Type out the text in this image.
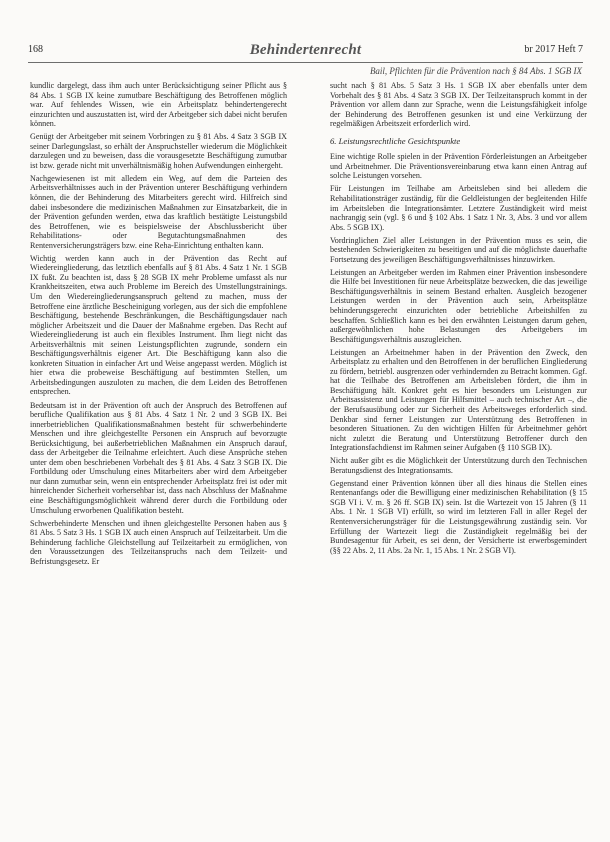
168	Behindertenrecht	br 2017 Heft 7
Bail, Pflichten für die Prävention nach § 84 Abs. 1 SGB IX

kundlic dargelegt, dass ihm auch unter Berücksichtigung seiner Pflicht aus § 84 Abs. 1 SGB IX keine zumutbare Beschäftigung des Betroffenen möglich war. Auf fehlendes Wissen, wie ein Arbeitsplatz behindertengerecht einzurichten und auszustatten ist, wird der Arbeitgeber sich dabei nicht berufen können.

Genügt der Arbeitgeber mit seinem Vorbringen zu § 81 Abs. 4 Satz 3 SGB IX seiner Darlegungslast, so erhält der Anspruchsteller wiederum die Möglichkeit darzulegen und zu beweisen, dass die vorausgesetzte Beschäftigung zumutbar ist bzw. gerade nicht mit unverhältnismäßig hohen Aufwendungen einhergeht.

Nachgewiesenen ist mit alledem ein Weg, auf dem die Parteien des Arbeitsverhältnisses auch in der Prävention unterer Beschäftigung verhindern können, die der Behinderung des Mitarbeiters gerecht wird. Hilfreich sind dabei insbesondere die medizinischen Maßnahmen zur Einsatzbarkeit, die in der Prävention gefunden werden, etwa das kraftlich bestätigte Leistungsbild des Betroffenen, wie es beispielsweise der Abschlussbericht über Rehabilitations- oder Begutachtungsmaßnahmen des Rentenversicherungsträgers bzw. eine Reha-Einrichtung enthalten kann.

Wichtig werden kann auch in der Prävention das Recht auf Wiedereingliederung, das letztlich ebenfalls auf § 81 Abs. 4 Satz 1 Nr. 1 SGB IX fußt. Zu beachten ist, dass § 28 SGB IX mehr Probleme umfasst als nur Krankheitszeiten, etwa auch Probleme im Bereich des Umstellungstrainings. Um den Wiedereingliederungsanspruch geltend zu machen, muss der Betroffene eine ärztliche Bescheinigung vorlegen, aus der sich die empfohlene Beschäftigung, bestehende Beschränkungen, die Beschäftigungsdauer nach möglicher Arbeitszeit und die Dauer der Maßnahme ergeben. Das Recht auf Wiedereingliederung ist auch ein flexibles Instrument. Ihm liegt nicht das Arbeitsverhältnis mit seinen Leistungspflichten zugrunde, sondern ein Beschäftigungsverhältnis eigener Art. Die Beschäftigung kann also die konkreten Situation in einfacher Art und Weise angepasst werden. Möglich ist hier etwa die probeweise Beschäftigung auf bestimmten Stellen, um Arbeitsbedingungen auszuloten zu machen, die dem Leiden des Betroffenen entsprechen.

Bedeutsam ist in der Prävention oft auch der Anspruch des Betroffenen auf berufliche Qualifikation aus § 81 Abs. 4 Satz 1 Nr. 2 und 3 SGB IX. Bei innerbetrieblichen Qualifikationsmaßnahmen besteht für schwerbehinderte Menschen und ihre gleichgestellte Personen ein Anspruch auf bevorzugte Berücksichtigung, bei außerbetrieblichen Maßnahmen ein Anspruch darauf, dass der Arbeitgeber die Teilnahme erleichtert. Auch diese Ansprüche stehen unter dem oben beschriebenen Vorbehalt des § 81 Abs. 4 Satz 3 SGB IX. Die Fortbildung oder Umschulung eines Mitarbeiters aber wird dem Arbeitgeber nur dann zumutbar sein, wenn ein entsprechender Arbeitsplatz frei ist oder mit hinreichender Sicherheit vorhersehbar ist, dass nach Abschluss der Maßnahme eine Beschäftigungsmöglichkeit während derer durch die Fortbildung oder Umschulung erworbenen Qualifikation besteht.

Schwerbehinderte Menschen und ihnen gleichgestellte Personen haben aus § 81 Abs. 5 Satz 3 Hs. 1 SGB IX auch einen Anspruch auf Teilzeitarbeit. Um die Behinderung fachliche Gleichstellung auf Teilzeitarbeit zu ermöglichen, von den Voraussetzungen des Teilzeitanspruchs nach dem Teilzeit- und Befristungsgesetz. Er

sucht nach § 81 Abs. 5 Satz 3 Hs. 1 SGB IX aber ebenfalls unter dem Vorbehalt des § 81 Abs. 4 Satz 3 SGB IX. Der Teilzeitanspruch kommt in der Prävention vor allem dann zur Sprache, wenn die Leistungsfähigkeit infolge der Behinderung des Betroffenen gesunken ist und eine Verkürzung der regelmäßigen Arbeitszeit erforderlich wird.

6. Leistungsrechtliche Gesichtspunkte

Eine wichtige Rolle spielen in der Prävention Förderleistungen an Arbeitgeber und Arbeitnehmer. Die Präventionsvereinbarung etwa kann einen Antrag auf solche Leistungen vorsehen.

Für Leistungen im Teilhabe am Arbeitsleben sind bei alledem die Rehabilitationsträger zuständig, für die Geldleistungen der begleitenden Hilfe im Arbeitsleben die Integrationsämter. Letztere Zuständigkeit wird meist nachrangig sein (vgl. § 6 und § 102 Abs. 1 Satz 1 Nr. 3, Abs. 3 und vor allem Abs. 5 SGB IX).

Vordringlichen Ziel aller Leistungen in der Prävention muss es sein, die bestehenden Schwierigkeiten zu beseitigen und auf die möglichste dauerhafte Fortsetzung des jeweiligen Beschäftigungsverhältnisses hinzuwirken.

Leistungen an Arbeitgeber werden im Rahmen einer Prävention insbesondere die Hilfe bei Investitionen für neue Arbeitsplätze bezwecken, die das jeweilige Beschäftigungsverhältnis in seinem Bestand erhalten. Ausgleich bezogener Leistungen werden in der Prävention auch sein, Arbeitsplätze behinderungsgerecht einzurichten oder betriebliche Arbeitshilfen zu beschaffen. Schließlich kann es bei den erwähnten Leistungen darum gehen, außergewöhnlichen hohe Belastungen des Arbeitgebers im Beschäftigungsverhältnis auszugleichen.

Leistungen an Arbeitnehmer haben in der Prävention den Zweck, den Arbeitsplatz zu erhalten und den Betroffenen in der beruflichen Eingliederung zu fördern, betriebl. ausgrenzen oder verhindernden zu Betracht kommen. Ggf. hat die Teilhabe des Betroffenen am Arbeitsleben fördert, die ihm in Beschäftigung hält. Konkret geht es hier besonders um Leistungen zur Arbeitsassistenz und Leistungen für Hilfsmittel – auch technischer Art –, die der Berufsausübung oder zur Sicherheit des Arbeitsweges erforderlich sind. Denkbar sind ferner Leistungen zur Unterstützung des Betroffenen in besonderen Situationen. Zu den wichtigen Hilfen für Arbeitnehmer gehört nicht zuletzt die Beratung und Unterstützung Betroffener durch den Integrationsfachdienst im Rahmen seiner Aufgaben (§ 110 SGB IX).

Nicht außer gibt es die Möglichkeit der Unterstützung durch den Technischen Beratungsdienst des Integrationsamts.

Gegenstand einer Prävention können über all dies hinaus die Stellen eines Rentenanfangs oder die Bewilligung einer medizinischen Rehabilitation (§ 15 SGB VI i. V. m. § 26 ff. SGB IX) sein. Ist die Wartezeit von 15 Jahren (§ 11 Abs. 1 Nr. 1 SGB VI) erfüllt, so wird im letzteren Fall in aller Regel der Rentenversicherungsträger für die Leistungsgewährung zuständig sein. Vor Erfüllung der Wartezeit liegt die Zuständigkeit regelmäßig bei der Bundesagentur für Arbeit, es sei denn, der Versicherte ist erwerbsgemindert (§§ 22 Abs. 2, 11 Abs. 2a Nr. 1, 15 Abs. 1 Nr. 2 SGB VI).
